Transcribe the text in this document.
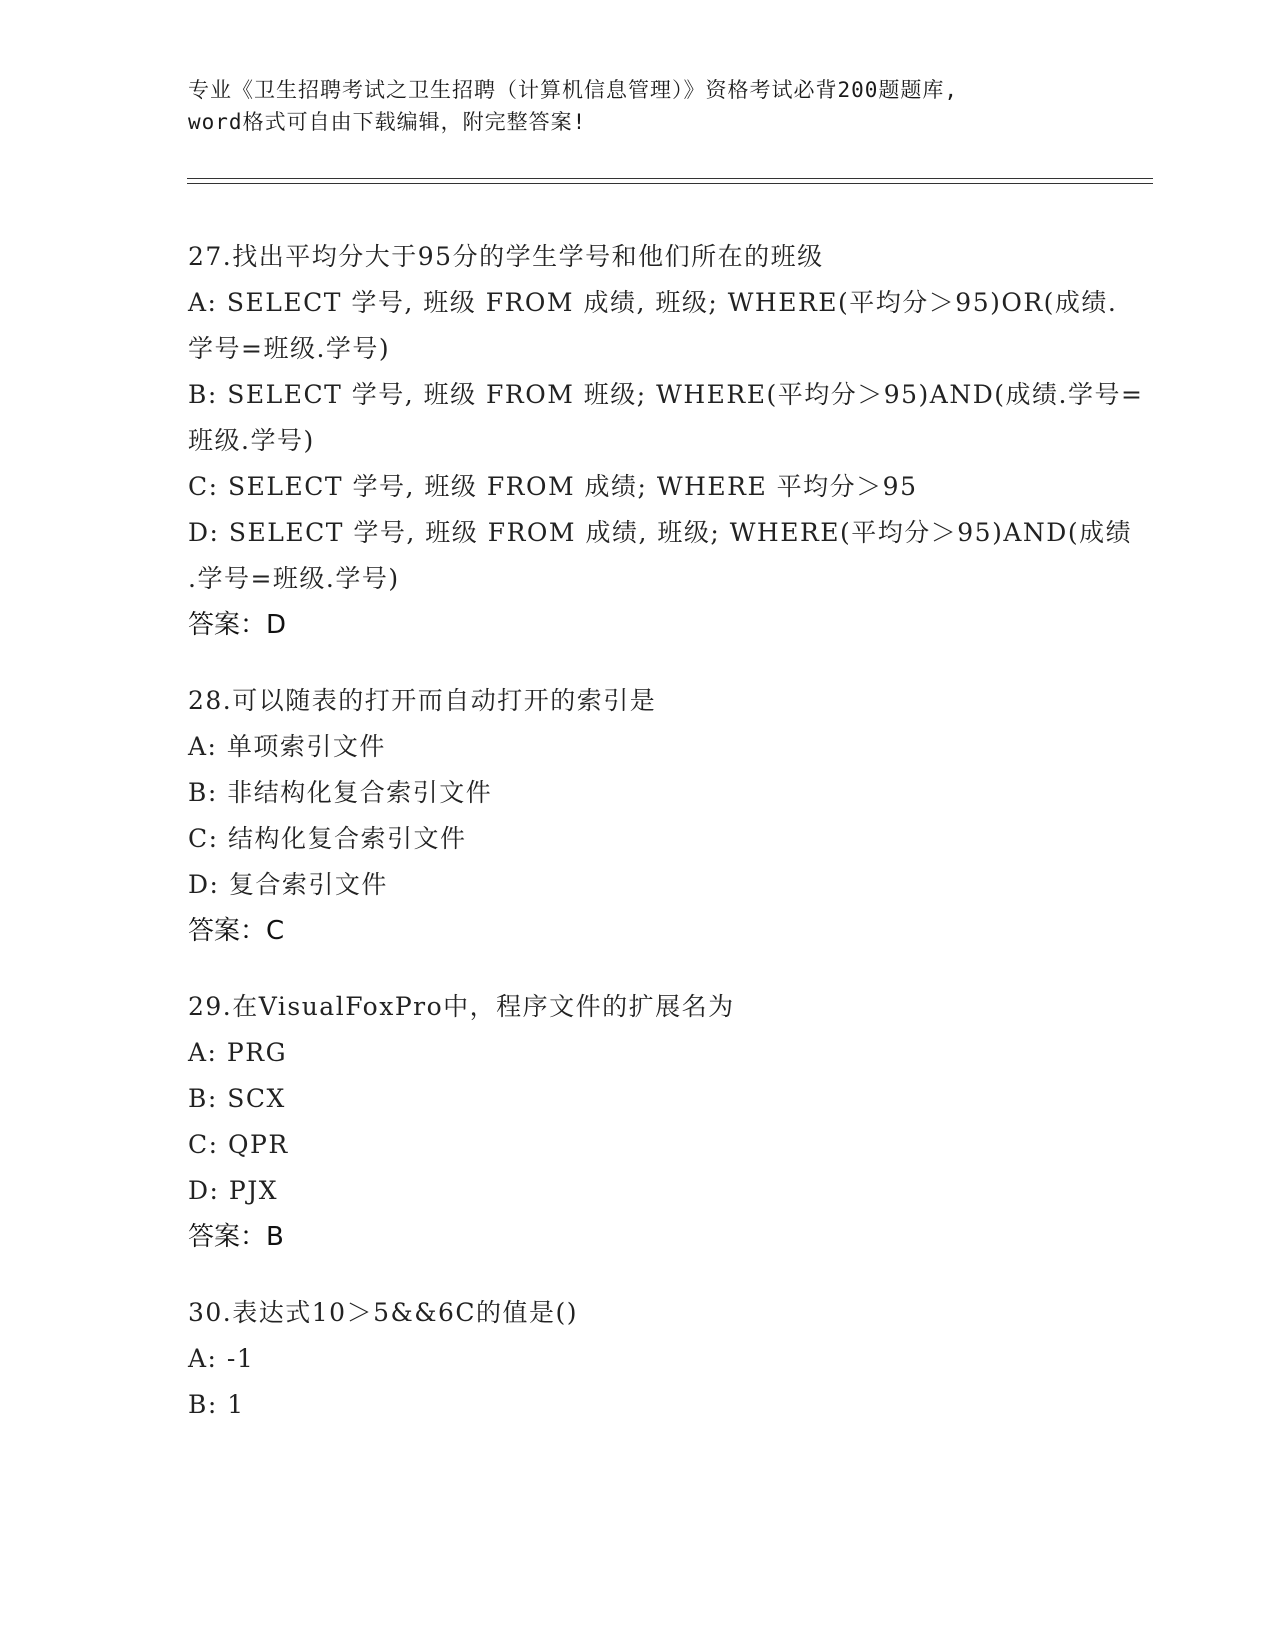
专业《卫生招聘考试之卫生招聘（计算机信息管理）》资格考试必背200题题库,
word格式可自由下载编辑，附完整答案!
27.找出平均分大于95分的学生学号和他们所在的班级
A: SELECT 学号, 班级 FROM 成绩, 班级; WHERE(平均分＞95)OR(成绩.
学号=班级.学号)
B: SELECT 学号, 班级 FROM 班级; WHERE(平均分＞95)AND(成绩.学号=
班级.学号)
C: SELECT 学号, 班级 FROM 成绩; WHERE 平均分＞95
D: SELECT 学号, 班级 FROM 成绩, 班级; WHERE(平均分＞95)AND(成绩
.学号=班级.学号)
答案：D
28.可以随表的打开而自动打开的索引是
A: 单项索引文件
B: 非结构化复合索引文件
C: 结构化复合索引文件
D: 复合索引文件
答案：C
29.在VisualFoxPro中，程序文件的扩展名为
A: PRG
B: SCX
C: QPR
D: PJX
答案：B
30.表达式10＞5&&6C的值是()
A: -1
B: 1
